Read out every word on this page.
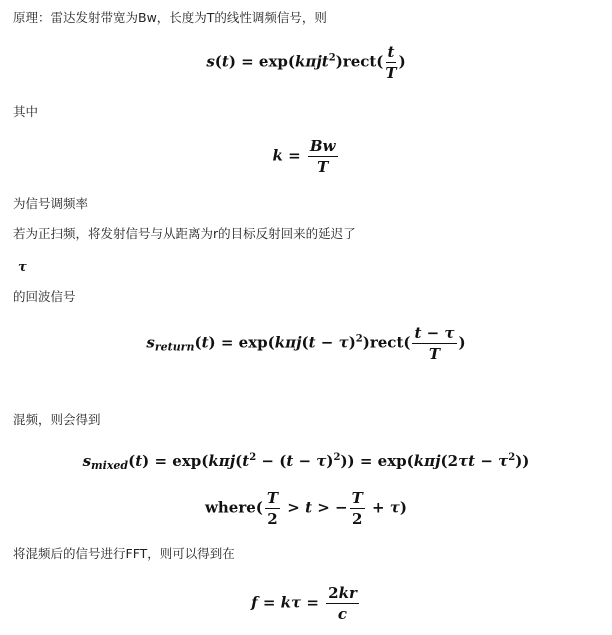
原理：雷达发射带宽为Bw，长度为T的线性调频信号，则
s(t) = exp(kπjt$^2$)rect( $\frac{t}{T}$ )
其中
$k = \frac{Bw}{T}$
为信号调频率
若为正扫频，将发射信号与从距离为r的目标反射回来的延迟了
τ
的回波信号
$s_{return}(t) = \exp(k\pi j(t$ − $\tau)^2)rect( \frac{t - \tau}{T}$ )
混频，则会得到
$s_{mixed}(t) = \exp(k\pi j(t^2 - (t - \tau)^2)) = \exp(k\pi j(2\tau t - \tau^2))$
where( $\frac{T}{2} > t$ > − $\frac{T}{2} + \tau$)
将混频后的信号进行FFT，则可以得到在
$f = k\tau = \frac{2kr}{c}$
